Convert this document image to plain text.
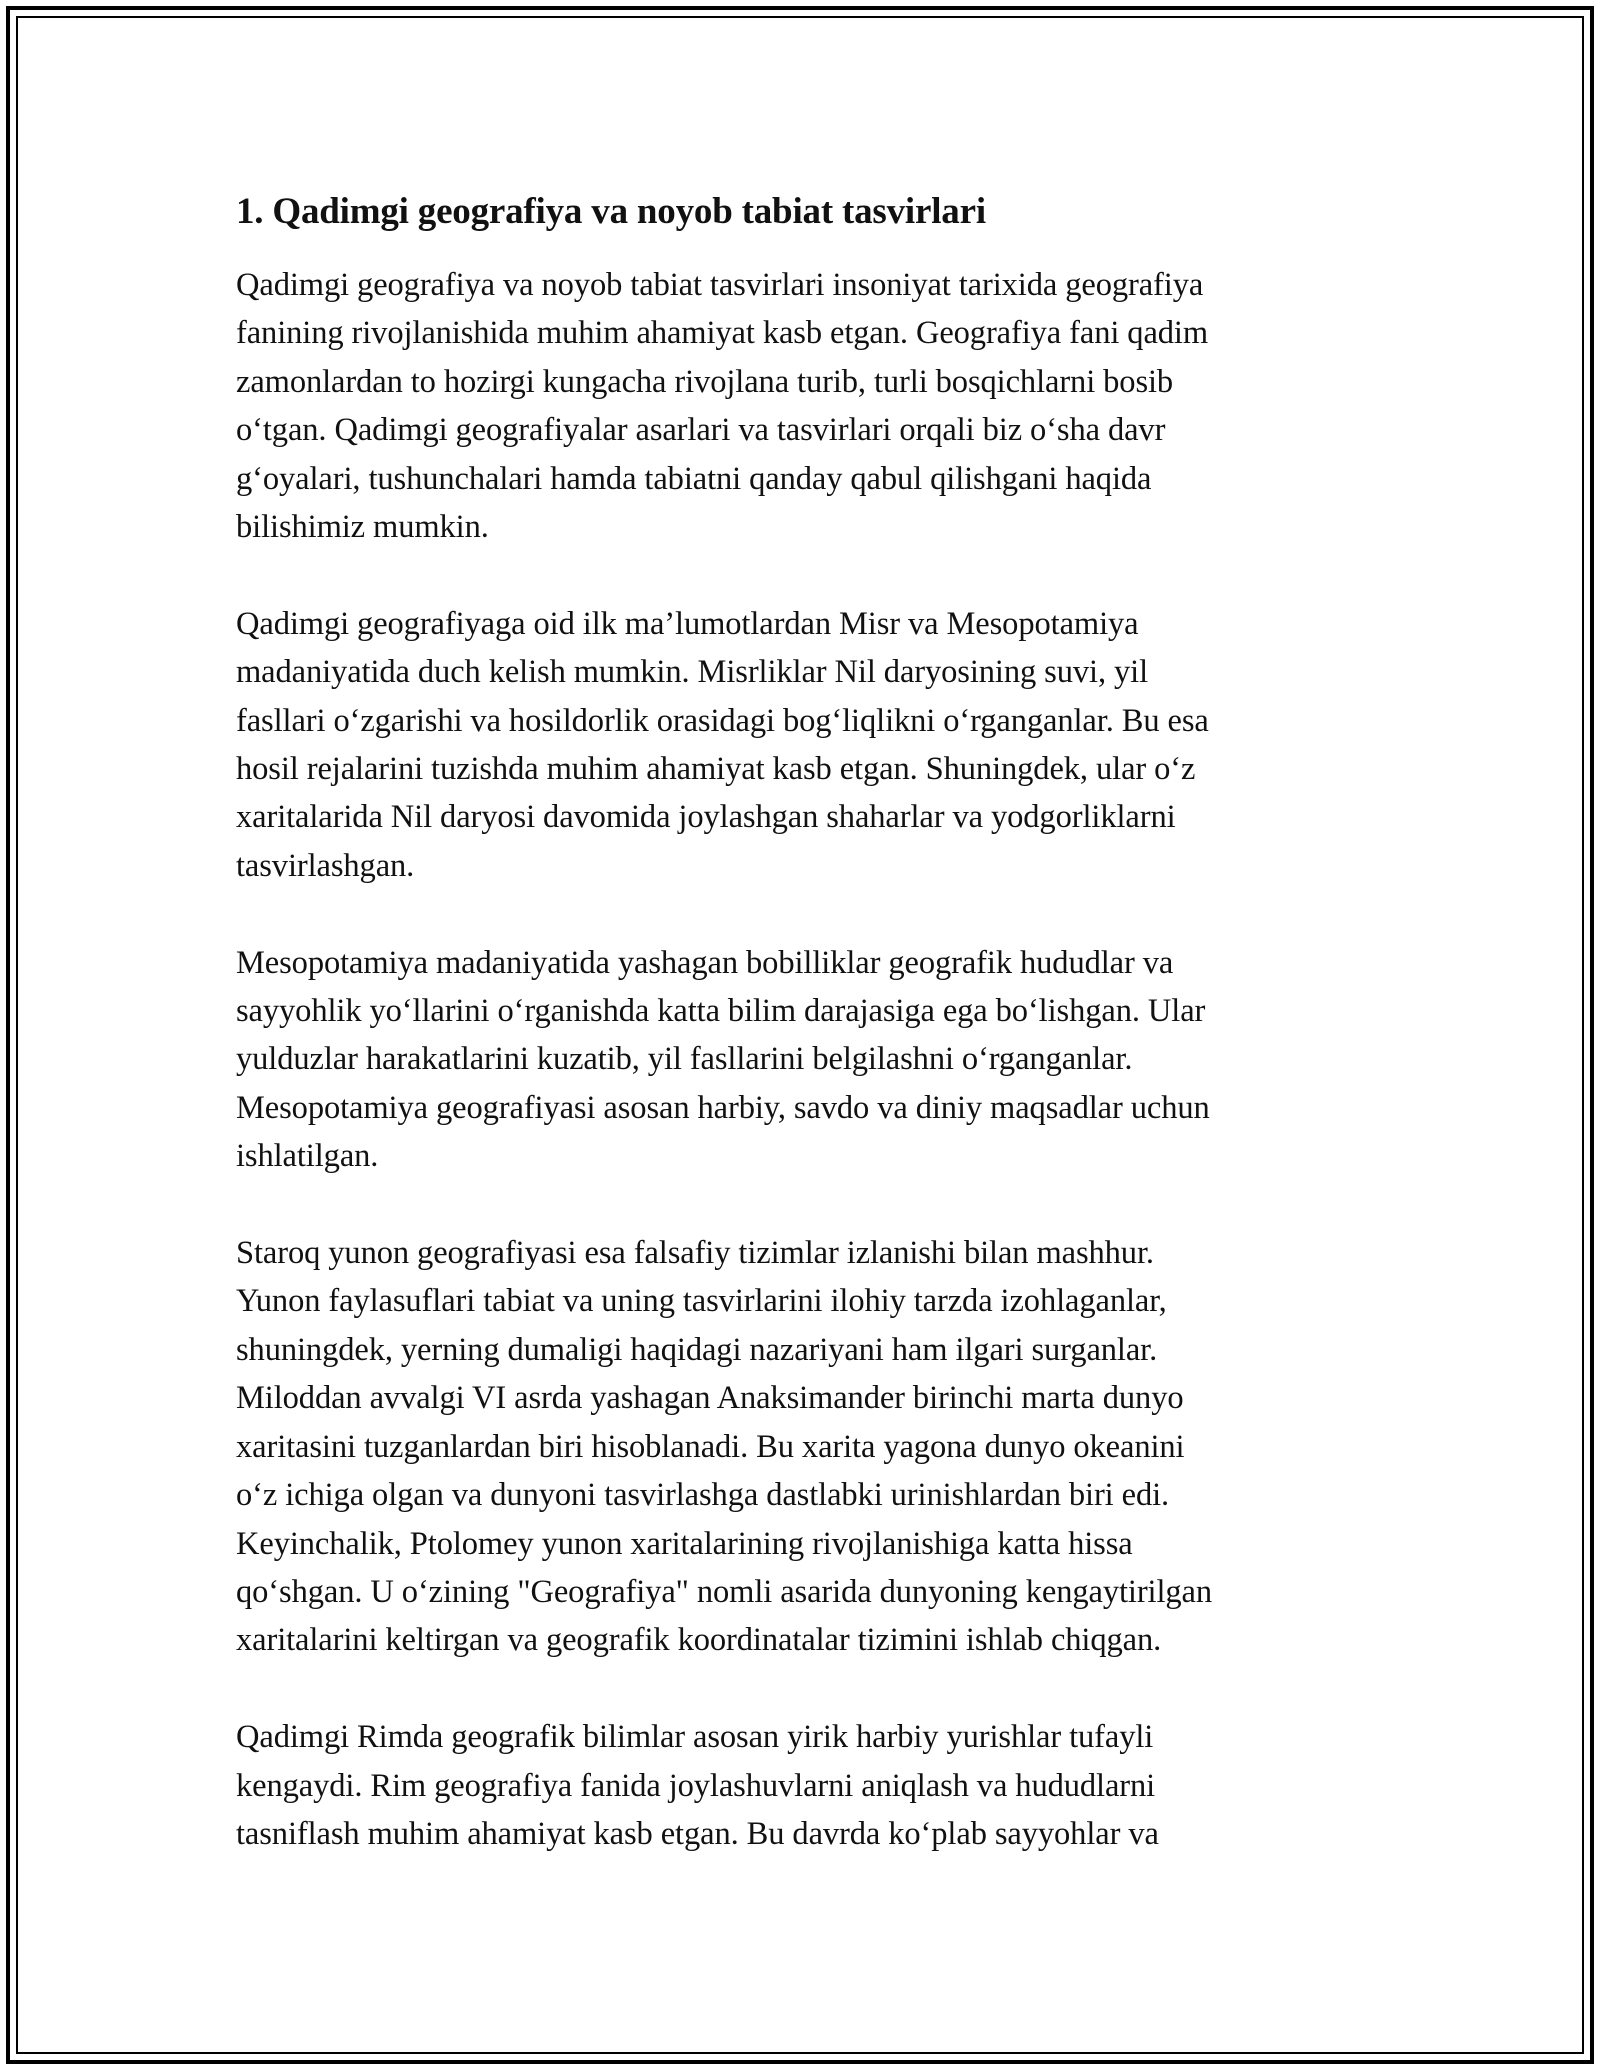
1. Qadimgi geografiya va noyob tabiat tasvirlari

Qadimgi geografiya va noyob tabiat tasvirlari insoniyat tarixida geografiya
fanining rivojlanishida muhim ahamiyat kasb etgan. Geografiya fani qadim
zamonlardan to hozirgi kungacha rivojlana turib, turli bosqichlarni bosib
o‘tgan. Qadimgi geografiyalar asarlari va tasvirlari orqali biz o‘sha davr
g‘oyalari, tushunchalari hamda tabiatni qanday qabul qilishgani haqida
bilishimiz mumkin.

Qadimgi geografiyaga oid ilk ma’lumotlardan Misr va Mesopotamiya
madaniyatida duch kelish mumkin. Misrliklar Nil daryosining suvi, yil
fasllari o‘zgarishi va hosildorlik orasidagi bog‘liqlikni o‘rganganlar. Bu esa
hosil rejalarini tuzishda muhim ahamiyat kasb etgan. Shuningdek, ular o‘z
xaritalarida Nil daryosi davomida joylashgan shaharlar va yodgorliklarni
tasvirlashgan.

Mesopotamiya madaniyatida yashagan bobilliklar geografik hududlar va
sayyohlik yo‘llarini o‘rganishda katta bilim darajasiga ega bo‘lishgan. Ular
yulduzlar harakatlarini kuzatib, yil fasllarini belgilashni o‘rganganlar.
Mesopotamiya geografiyasi asosan harbiy, savdo va diniy maqsadlar uchun
ishlatilgan.

Staroq yunon geografiyasi esa falsafiy tizimlar izlanishi bilan mashhur.
Yunon faylasuflari tabiat va uning tasvirlarini ilohiy tarzda izohlaganlar,
shuningdek, yerning dumaligi haqidagi nazariyani ham ilgari surganlar.
Miloddan avvalgi VI asrda yashagan Anaksimander birinchi marta dunyo
xaritasini tuzganlardan biri hisoblanadi. Bu xarita yagona dunyo okeanini
o‘z ichiga olgan va dunyoni tasvirlashga dastlabki urinishlardan biri edi.
Keyinchalik, Ptolomey yunon xaritalarining rivojlanishiga katta hissa
qo‘shgan. U o‘zining "Geografiya" nomli asarida dunyoning kengaytirilgan
xaritalarini keltirgan va geografik koordinatalar tizimini ishlab chiqgan.

Qadimgi Rimda geografik bilimlar asosan yirik harbiy yurishlar tufayli
kengaydi. Rim geografiya fanida joylashuvlarni aniqlash va hududlarni
tasniflash muhim ahamiyat kasb etgan. Bu davrda ko‘plab sayyohlar va
